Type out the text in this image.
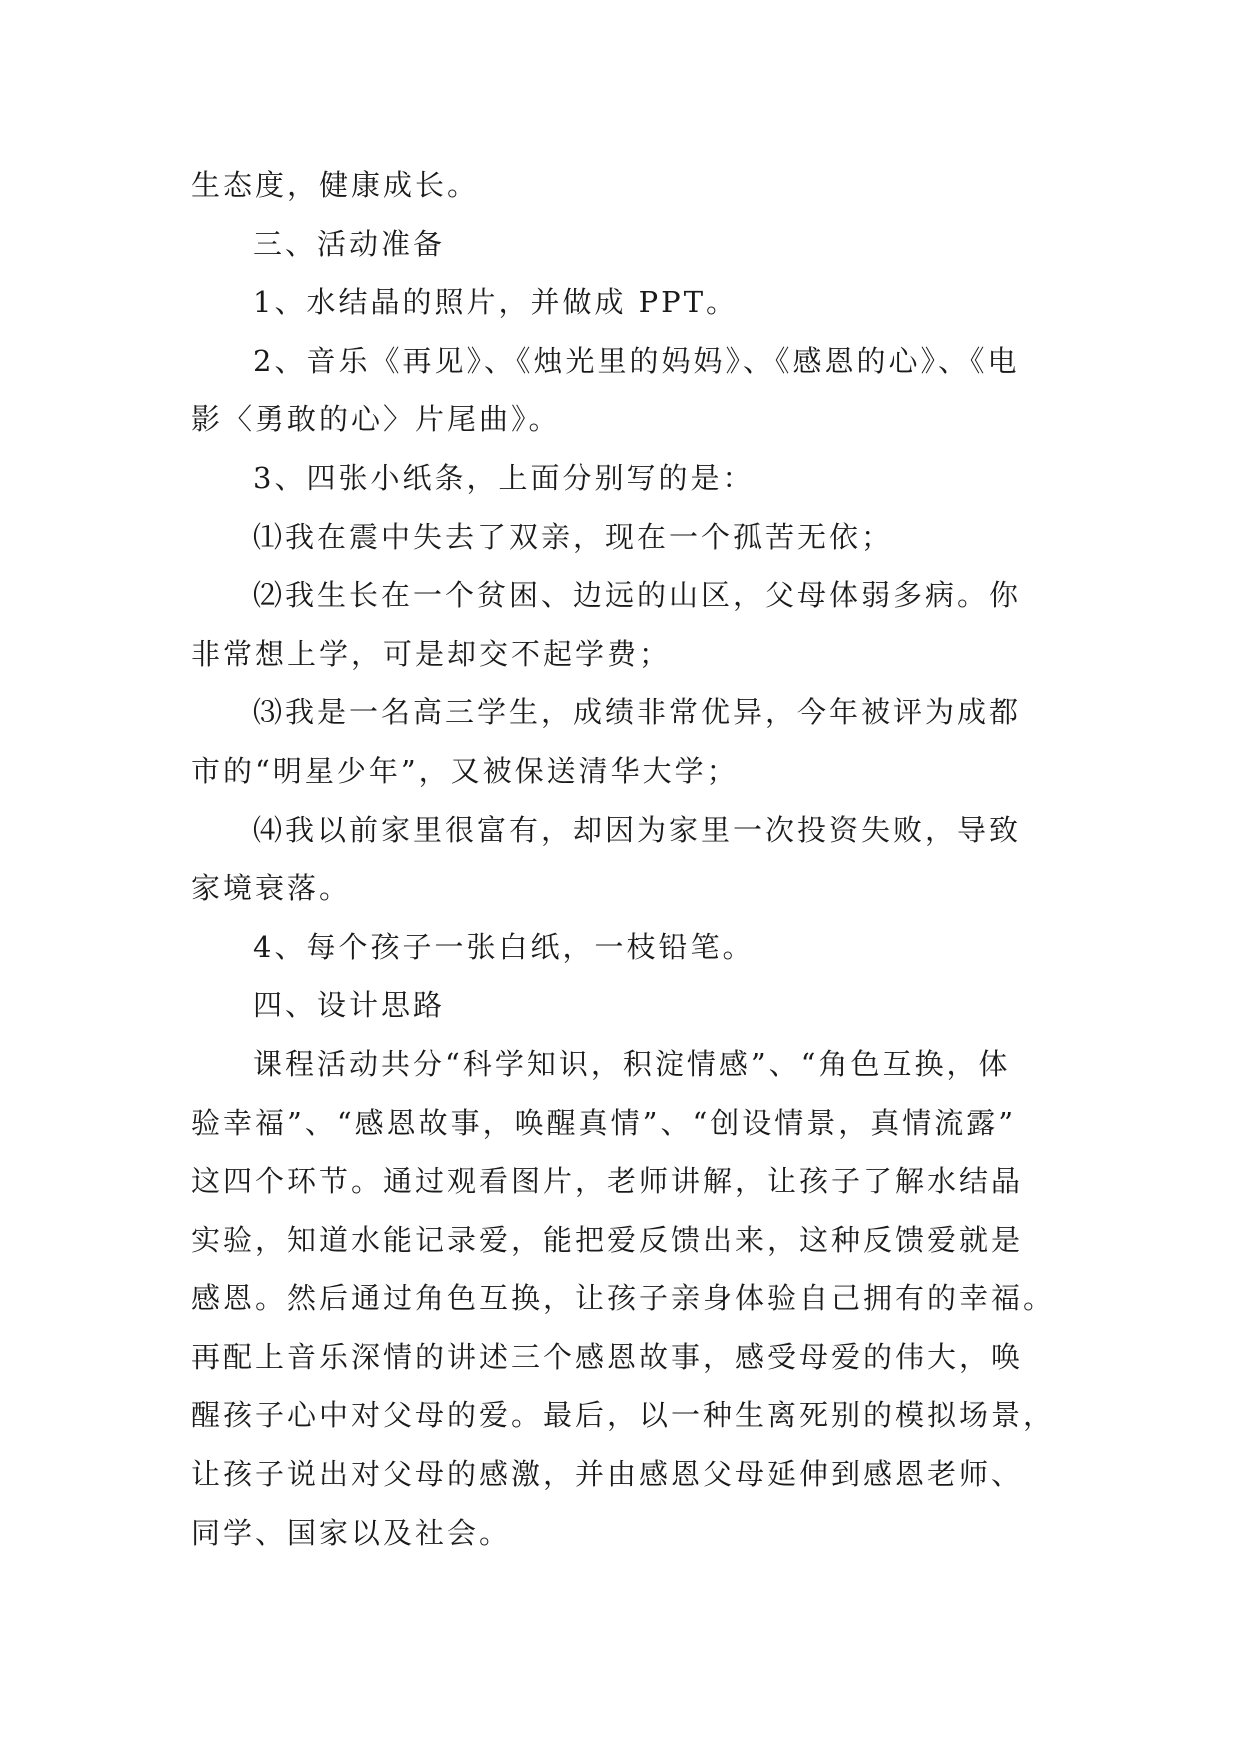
生态度，健康成长。
三、活动准备
1、水结晶的照片，并做成 PPT。
2、音乐《再见》、《烛光里的妈妈》、《感恩的心》、《电
影〈勇敢的心〉片尾曲》。
3、四张小纸条，上面分别写的是：
⑴我在震中失去了双亲，现在一个孤苦无依；
⑵我生长在一个贫困、边远的山区，父母体弱多病。你
非常想上学，可是却交不起学费；
⑶我是一名高三学生，成绩非常优异，今年被评为成都
市的“明星少年”，又被保送清华大学；
⑷我以前家里很富有，却因为家里一次投资失败，导致
家境衰落。
4、每个孩子一张白纸，一枝铅笔。
四、设计思路
课程活动共分“科学知识，积淀情感”、“角色互换，体
验幸福”、“感恩故事，唤醒真情”、“创设情景，真情流露”
这四个环节。通过观看图片，老师讲解，让孩子了解水结晶
实验，知道水能记录爱，能把爱反馈出来，这种反馈爱就是
感恩。然后通过角色互换，让孩子亲身体验自己拥有的幸福。
再配上音乐深情的讲述三个感恩故事，感受母爱的伟大，唤
醒孩子心中对父母的爱。最后，以一种生离死别的模拟场景，
让孩子说出对父母的感激，并由感恩父母延伸到感恩老师、
同学、国家以及社会。
